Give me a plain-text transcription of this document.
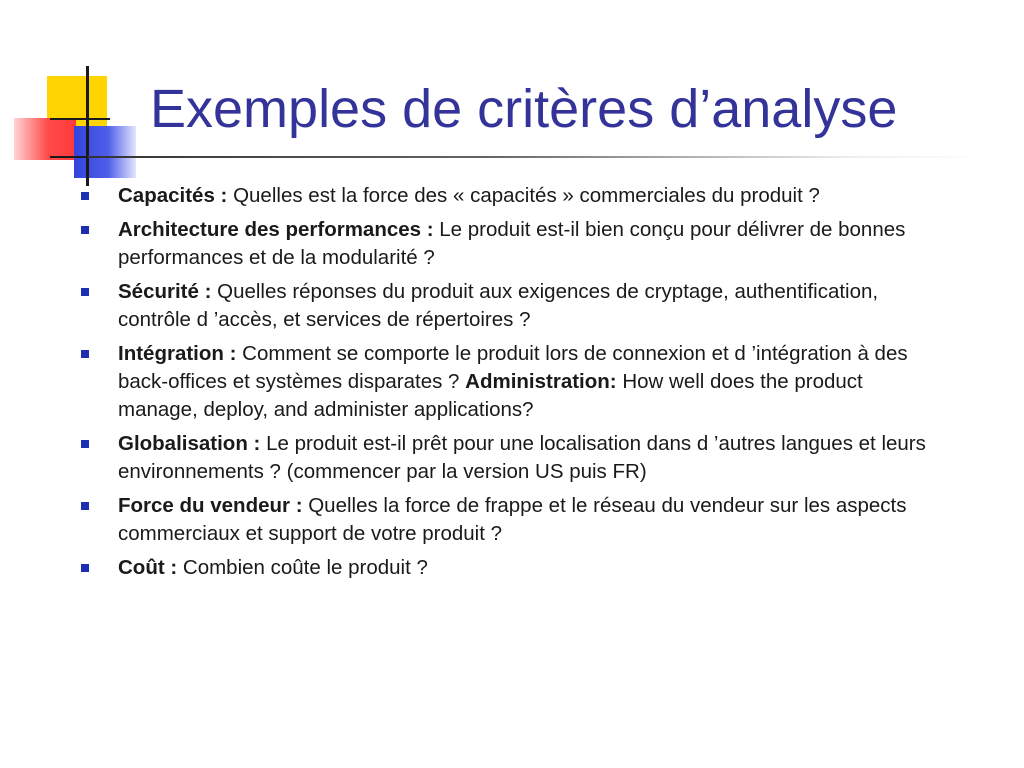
Exemples de critères d’analyse
Capacités : Quelles est la force des « capacités » commerciales du produit ?
Architecture des performances : Le produit est-il bien conçu pour délivrer de bonnes performances et de la modularité ?
Sécurité : Quelles réponses du produit aux exigences de cryptage, authentification, contrôle d ’accès, et services de répertoires ?
Intégration : Comment se comporte le produit lors de connexion et d ’intégration à des back-offices et systèmes disparates ? Administration: How well does the product manage, deploy, and administer applications?
Globalisation : Le produit est-il prêt pour une localisation dans d ’autres langues et leurs environnements ? (commencer par la version US puis FR)
Force du vendeur : Quelles la force de frappe et le réseau du vendeur sur les aspects commerciaux et support de votre produit ?
Coût : Combien coûte le produit ?
